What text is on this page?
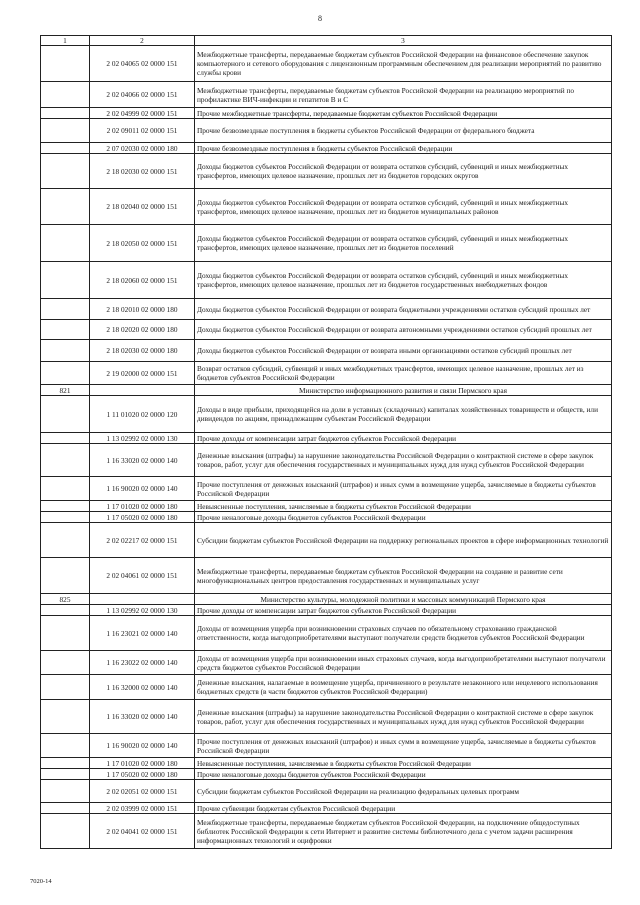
8
1	2	3
	2 02 04065 02 0000 151	Межбюджетные трансферты, передаваемые бюджетам субъектов Российской Федерации на финансовое обеспечение закупок компьютерного и сетевого оборудования с лицензионным программным обеспечением для реализации мероприятий по развитию службы крови
	2 02 04066 02 0000 151	Межбюджетные трансферты, передаваемые бюджетам субъектов Российской Федерации на реализацию мероприятий по профилактике ВИЧ-инфекции и гепатитов В и С
	2 02 04999 02 0000 151	Прочие межбюджетные трансферты, передаваемые бюджетам субъектов Российской Федерации
	2 02 09011 02 0000 151	Прочие безвозмездные поступления в бюджеты субъектов Российской Федерации от федерального бюджета
	2 07 02030 02 0000 180	Прочие безвозмездные поступления в бюджеты субъектов Российской Федерации
	2 18 02030 02 0000 151	Доходы бюджетов субъектов Российской Федерации от возврата остатков субсидий, субвенций и иных межбюджетных трансфертов, имеющих целевое назначение, прошлых лет из бюджетов городских округов
	2 18 02040 02 0000 151	Доходы бюджетов субъектов Российской Федерации от возврата остатков субсидий, субвенций и иных межбюджетных трансфертов, имеющих целевое назначение, прошлых лет из бюджетов муниципальных районов
	2 18 02050 02 0000 151	Доходы бюджетов субъектов Российской Федерации от возврата остатков субсидий, субвенций и иных межбюджетных трансфертов, имеющих целевое назначение, прошлых лет из бюджетов поселений
	2 18 02060 02 0000 151	Доходы бюджетов субъектов Российской Федерации от возврата остатков субсидий, субвенций и иных межбюджетных трансфертов, имеющих целевое назначение, прошлых лет из бюджетов государственных внебюджетных фондов
	2 18 02010 02 0000 180	Доходы бюджетов субъектов Российской Федерации от возврата бюджетными учреждениями остатков субсидий прошлых лет
	2 18 02020 02 0000 180	Доходы бюджетов субъектов Российской Федерации от возврата автономными учреждениями остатков субсидий прошлых лет
	2 18 02030 02 0000 180	Доходы бюджетов субъектов Российской Федерации от возврата иными организациями остатков субсидий прошлых лет
	2 19 02000 02 0000 151	Возврат остатков субсидий, субвенций и иных межбюджетных трансфертов, имеющих целевое назначение, прошлых лет из бюджетов субъектов Российской Федерации
821		Министерство информационного развития и связи Пермского края
	1 11 01020 02 0000 120	Доходы в виде прибыли, приходящейся на доли в уставных (складочных) капиталах хозяйственных товариществ и обществ, или дивидендов по акциям, принадлежащим субъектам Российской Федерации
	1 13 02992 02 0000 130	Прочие доходы от компенсации затрат бюджетов субъектов Российской Федерации
	1 16 33020 02 0000 140	Денежные взыскания (штрафы) за нарушение законодательства Российской Федерации о контрактной системе в сфере закупок товаров, работ, услуг для обеспечения государственных и муниципальных нужд для нужд субъектов Российской Федерации
	1 16 90020 02 0000 140	Прочие поступления от денежных взысканий (штрафов) и иных сумм в возмещение ущерба, зачисляемые в бюджеты субъектов Российской Федерации
	1 17 01020 02 0000 180	Невыясненные поступления, зачисляемые в бюджеты субъектов Российской Федерации
	1 17 05020 02 0000 180	Прочие неналоговые доходы бюджетов субъектов Российской Федерации
	2 02 02217 02 0000 151	Субсидии бюджетам субъектов Российской Федерации на поддержку региональных проектов в сфере информационных технологий
	2 02 04061 02 0000 151	Межбюджетные трансферты, передаваемые бюджетам субъектов Российской Федерации на создание и развитие сети многофункциональных центров предоставления государственных и муниципальных услуг
825		Министерство культуры, молодежной политики и массовых коммуникаций Пермского края
	1 13 02992 02 0000 130	Прочие доходы от компенсации затрат бюджетов субъектов Российской Федерации
	1 16 23021 02 0000 140	Доходы от возмещения ущерба при возникновении страховых случаев по обязательному страхованию гражданской ответственности, когда выгодоприобретателями выступают получатели средств бюджетов субъектов Российской Федерации
	1 16 23022 02 0000 140	Доходы от возмещения ущерба при возникновении иных страховых случаев, когда выгодоприобретателями выступают получатели средств бюджетов субъектов Российской Федерации
	1 16 32000 02 0000 140	Денежные взыскания, налагаемые в возмещение ущерба, причиненного в результате незаконного или нецелевого использования бюджетных средств (в части бюджетов субъектов Российской Федерации)
	1 16 33020 02 0000 140	Денежные взыскания (штрафы) за нарушение законодательства Российской Федерации о контрактной системе в сфере закупок товаров, работ, услуг для обеспечения государственных и муниципальных нужд для нужд субъектов Российской Федерации
	1 16 90020 02 0000 140	Прочие поступления от денежных взысканий (штрафов) и иных сумм в возмещение ущерба, зачисляемые в бюджеты субъектов Российской Федерации
	1 17 01020 02 0000 180	Невыясненные поступления, зачисляемые в бюджеты субъектов Российской Федерации
	1 17 05020 02 0000 180	Прочие неналоговые доходы бюджетов субъектов Российской Федерации
	2 02 02051 02 0000 151	Субсидии бюджетам субъектов Российской Федерации на реализацию федеральных целевых программ
	2 02 03999 02 0000 151	Прочие субвенции бюджетам субъектов Российской Федерации
	2 02 04041 02 0000 151	Межбюджетные трансферты, передаваемые бюджетам субъектов Российской Федерации, на подключение общедоступных библиотек Российской Федерации к сети Интернет и развитие системы библиотечного дела с учетом задачи расширения информационных технологий и оцифровки
7020-14
